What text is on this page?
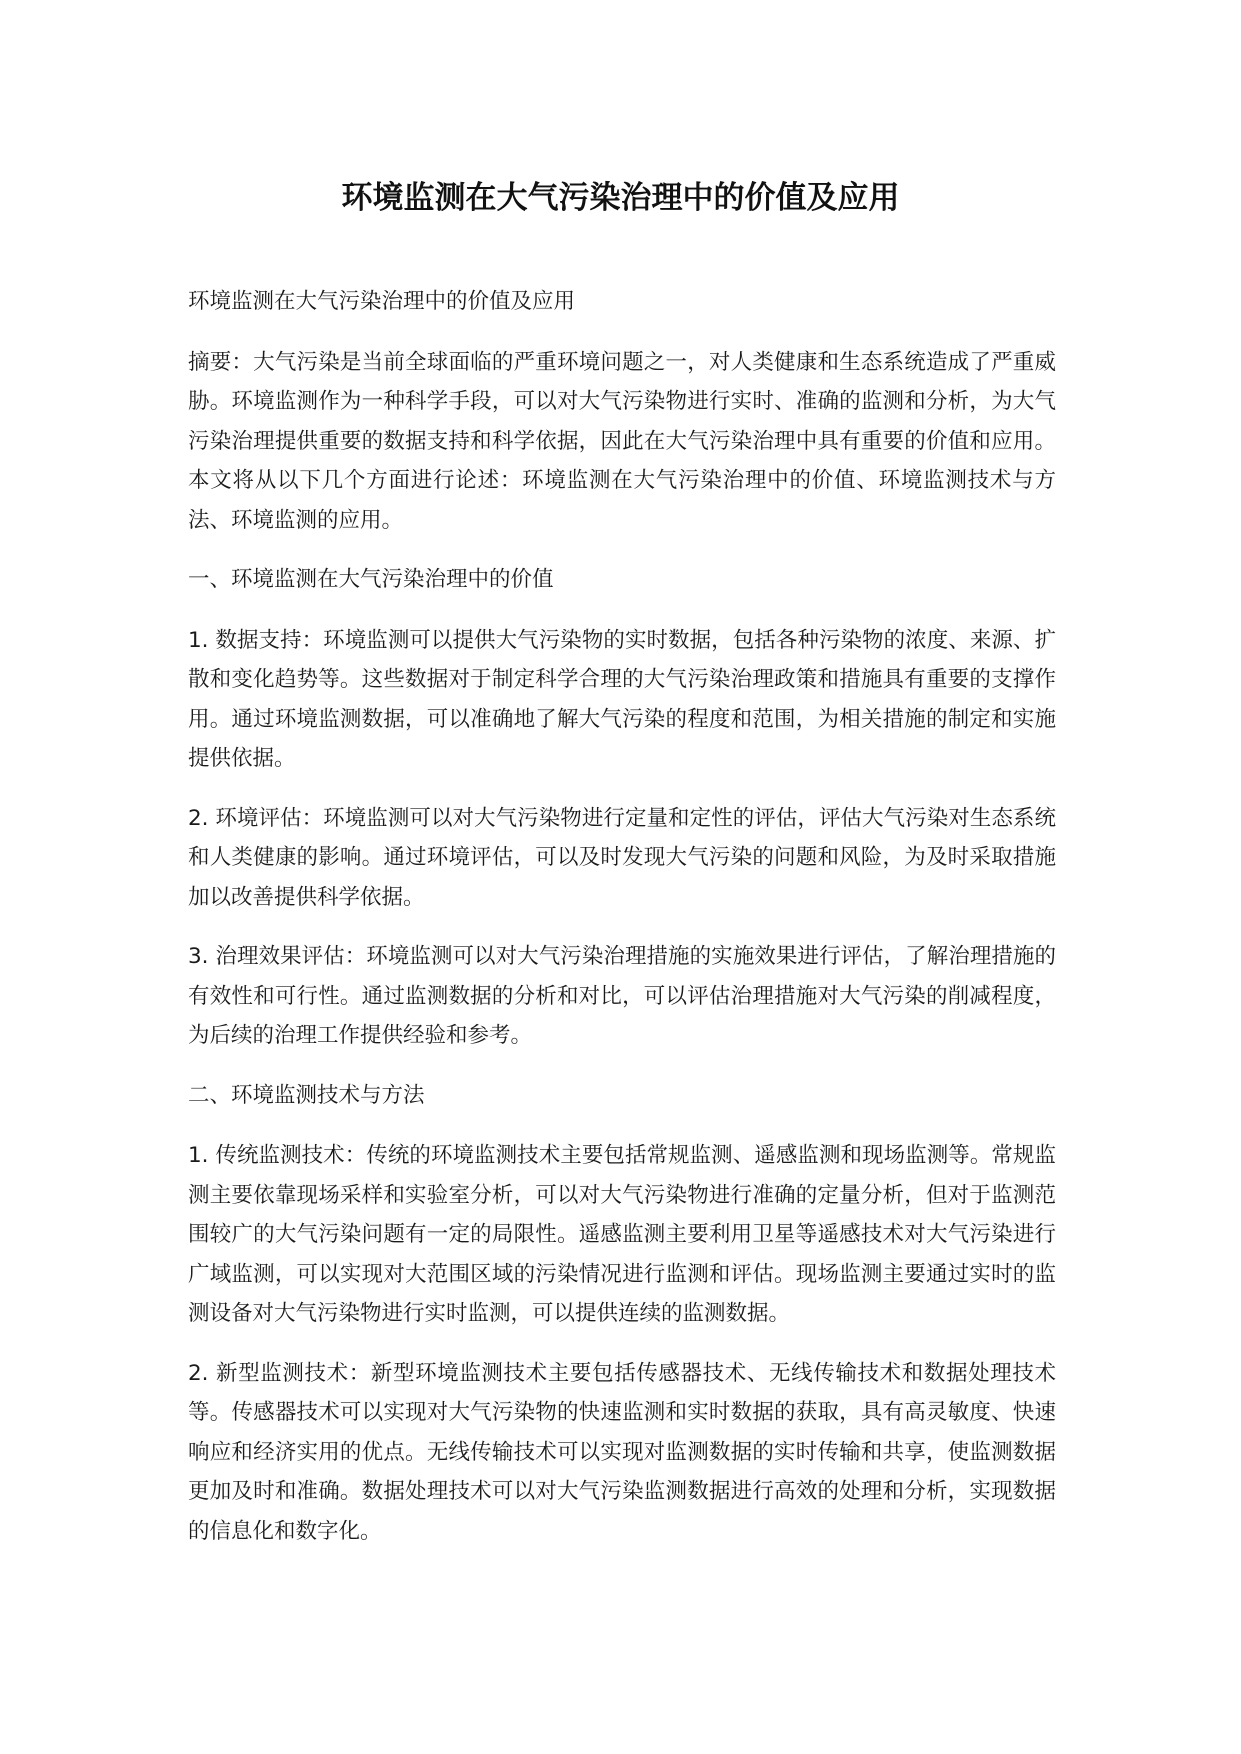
环境监测在大气污染治理中的价值及应用

环境监测在大气污染治理中的价值及应用

摘要：大气污染是当前全球面临的严重环境问题之一，对人类健康和生态系统造成了严重威胁。环境监测作为一种科学手段，可以对大气污染物进行实时、准确的监测和分析，为大气污染治理提供重要的数据支持和科学依据，因此在大气污染治理中具有重要的价值和应用。本文将从以下几个方面进行论述：环境监测在大气污染治理中的价值、环境监测技术与方法、环境监测的应用。

一、环境监测在大气污染治理中的价值

1. 数据支持：环境监测可以提供大气污染物的实时数据，包括各种污染物的浓度、来源、扩散和变化趋势等。这些数据对于制定科学合理的大气污染治理政策和措施具有重要的支撑作用。通过环境监测数据，可以准确地了解大气污染的程度和范围，为相关措施的制定和实施提供依据。

2. 环境评估：环境监测可以对大气污染物进行定量和定性的评估，评估大气污染对生态系统和人类健康的影响。通过环境评估，可以及时发现大气污染的问题和风险，为及时采取措施加以改善提供科学依据。

3. 治理效果评估：环境监测可以对大气污染治理措施的实施效果进行评估，了解治理措施的有效性和可行性。通过监测数据的分析和对比，可以评估治理措施对大气污染的削减程度，为后续的治理工作提供经验和参考。

二、环境监测技术与方法

1. 传统监测技术：传统的环境监测技术主要包括常规监测、遥感监测和现场监测等。常规监测主要依靠现场采样和实验室分析，可以对大气污染物进行准确的定量分析，但对于监测范围较广的大气污染问题有一定的局限性。遥感监测主要利用卫星等遥感技术对大气污染进行广域监测，可以实现对大范围区域的污染情况进行监测和评估。现场监测主要通过实时的监测设备对大气污染物进行实时监测，可以提供连续的监测数据。

2. 新型监测技术：新型环境监测技术主要包括传感器技术、无线传输技术和数据处理技术等。传感器技术可以实现对大气污染物的快速监测和实时数据的获取，具有高灵敏度、快速响应和经济实用的优点。无线传输技术可以实现对监测数据的实时传输和共享，使监测数据更加及时和准确。数据处理技术可以对大气污染监测数据进行高效的处理和分析，实现数据的信息化和数字化。
